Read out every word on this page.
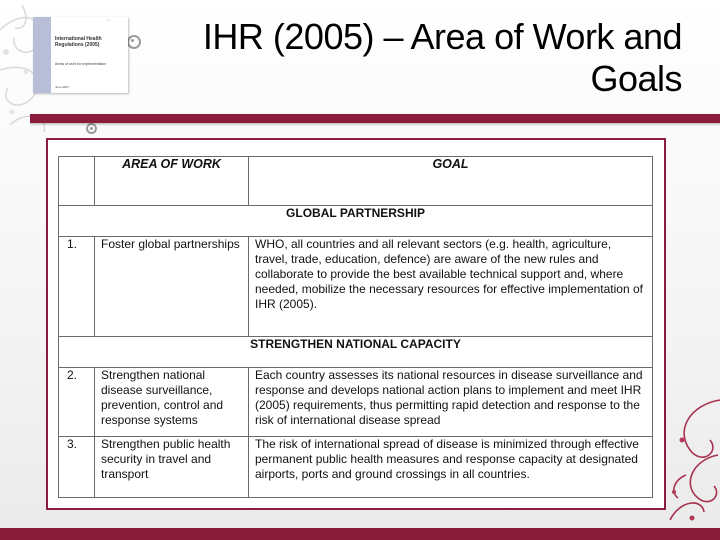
▫▫▫
International Health Regulations (2005)
Areas of work for implementation
June 2007
IHR (2005) – Area of Work and Goals
	AREA OF WORK	GOAL
GLOBAL PARTNERSHIP		
1.	Foster global partnerships	WHO, all countries and all relevant sectors (e.g. health, agriculture, travel, trade, education, defence) are aware of the new rules and collaborate to provide the best available technical support and, where needed, mobilize the necessary resources for effective implementation of IHR (2005).
STRENGTHEN NATIONAL CAPACITY		
2.	Strengthen national disease surveillance, prevention, control and response systems	Each country assesses its national resources in disease surveillance and response and develops national action plans to implement and meet IHR (2005) requirements, thus permitting rapid detection and response to the risk of international disease spread
3.	Strengthen public health security in travel and transport	The risk of international spread of disease is minimized through effective permanent public health measures and response capacity at designated airports, ports and ground crossings in all countries.
